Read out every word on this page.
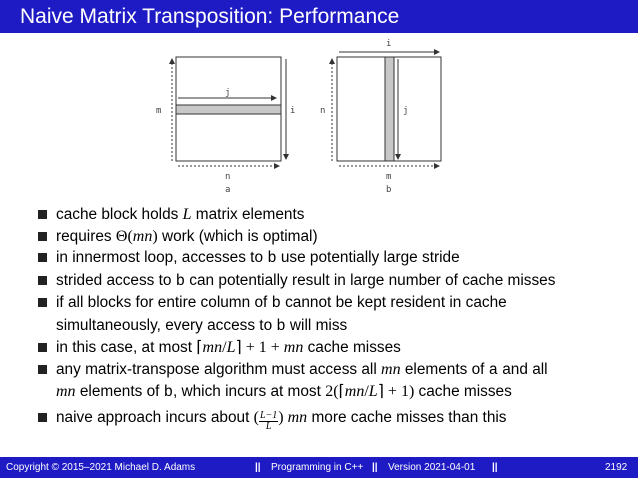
Naive Matrix Transposition: Performance
m	i
j
n
a
i
n	j
m
b
cache block holds L matrix elements
requires Θ(mn) work (which is optimal)
in innermost loop, accesses to b use potentially large stride
strided access to b can potentially result in large number of cache misses
if all blocks for entire column of b cannot be kept resident in cache
simultaneously, every access to b will miss
in this case, at most ⌈mn/L⌉ + 1 + mn cache misses
any matrix-transpose algorithm must access all mn elements of a and all
mn elements of b, which incurs at most 2(⌈mn/L⌉ + 1) cache misses
naive approach incurs about ( $\frac{L-1}{L}$ ) mn more cache misses than this
Copyright © 2015–2021 Michael D. Adams	|| Programming in C++ || Version 2021-04-01 ||	2192
